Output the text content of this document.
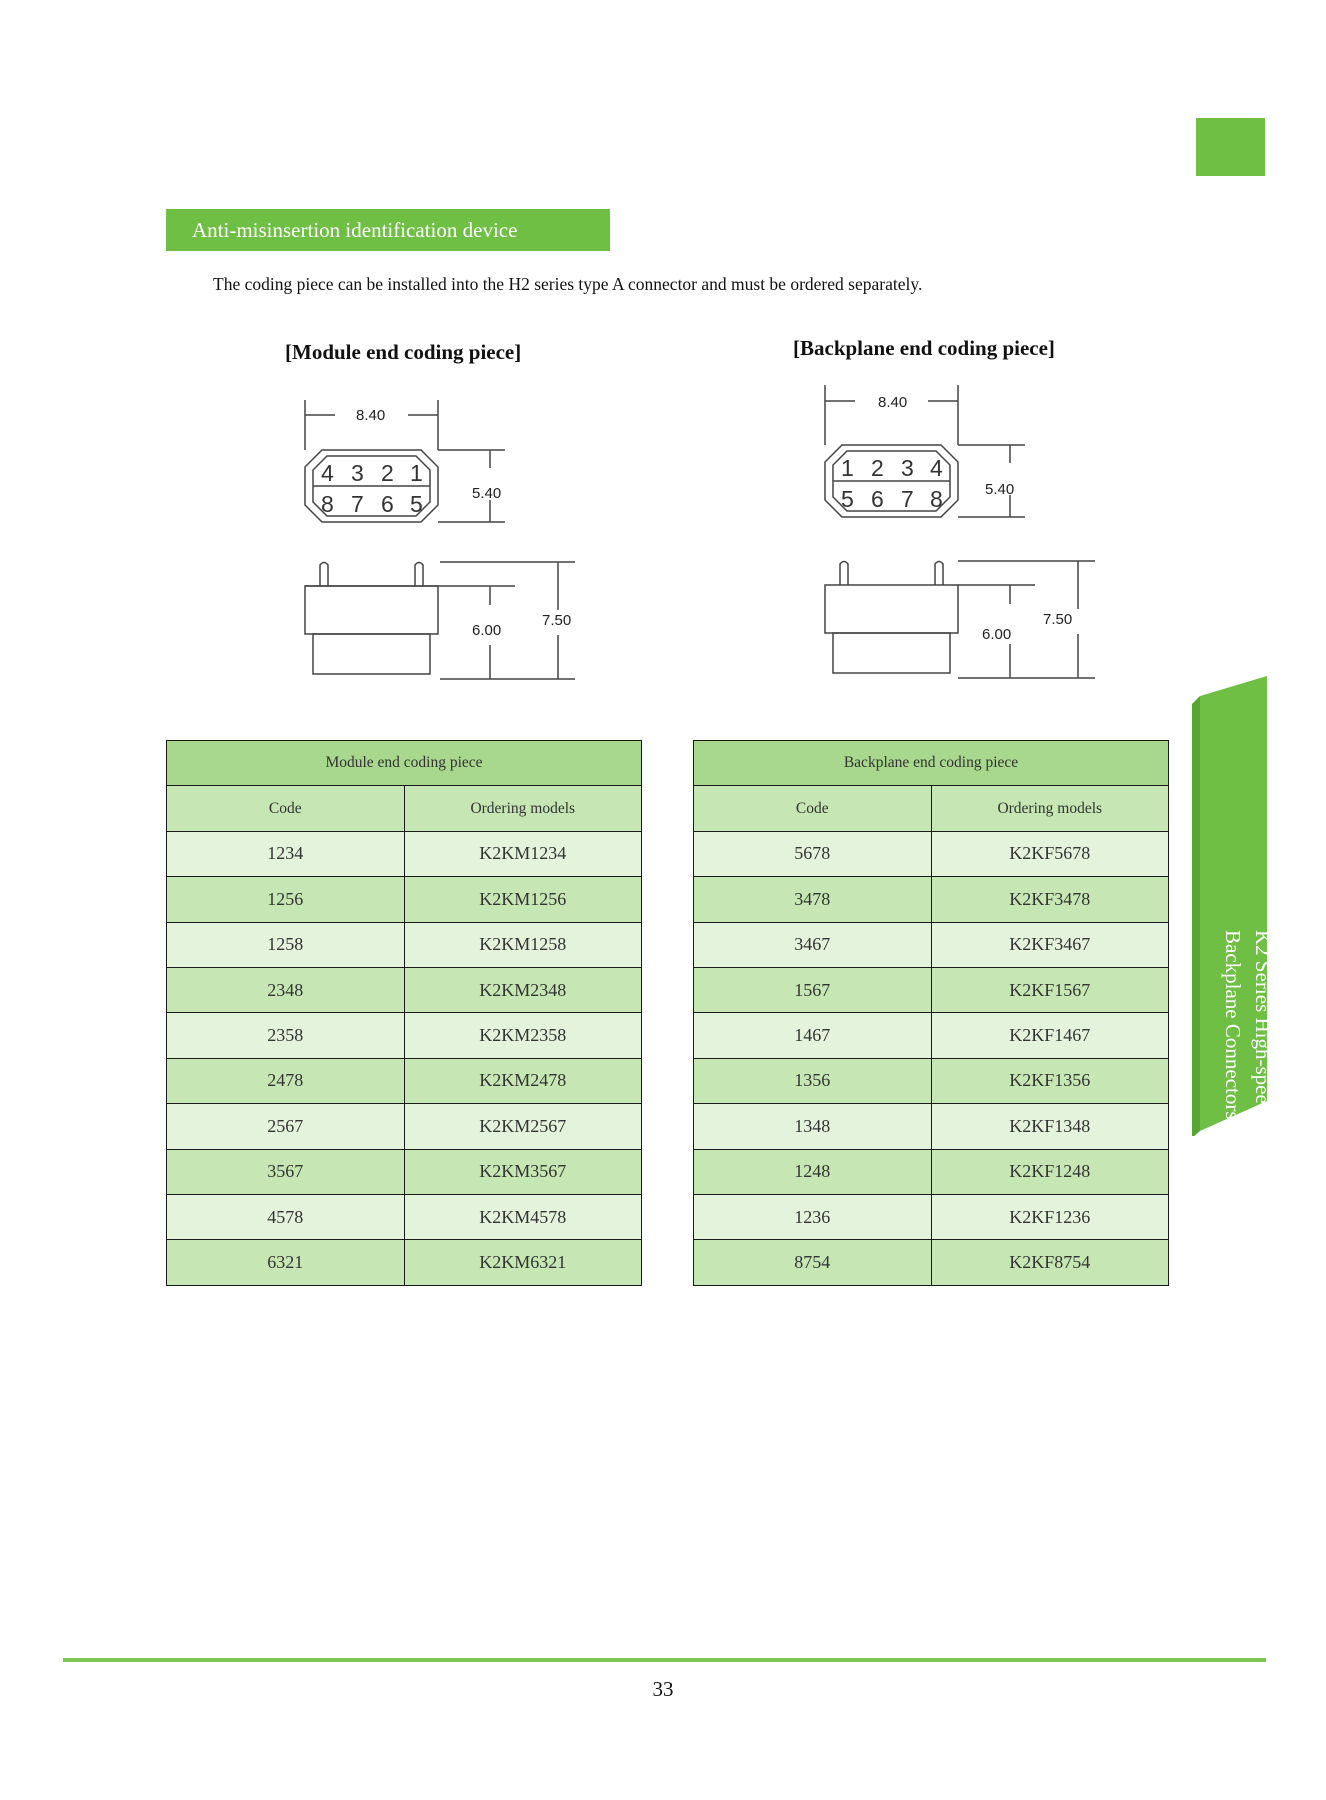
Anti-misinsertion identification device
The coding piece can be installed into the H2 series type A connector and must be ordered separately.
[Module end coding piece]	[Backplane end coding piece]
8.40
5.40
6.00
7.50
4 3 2 1
8 7 6 5
8.40
5.40
6.00
7.50
1 2 3 4
5 6 7 8
Module end coding piece	
Code	Ordering models
1234	K2KM1234
1256	K2KM1256
1258	K2KM1258
2348	K2KM2348
2358	K2KM2358
2478	K2KM2478
2567	K2KM2567
3567	K2KM3567
4578	K2KM4578
6321	K2KM6321
Backplane end coding piece	
Code	Ordering models
5678	K2KF5678
3478	K2KF3478
3467	K2KF3467
1567	K2KF1567
1467	K2KF1467
1356	K2KF1356
1348	K2KF1348
1248	K2KF1248
1236	K2KF1236
8754	K2KF8754
K2 Series High-speed
Backplane Connectors
33
